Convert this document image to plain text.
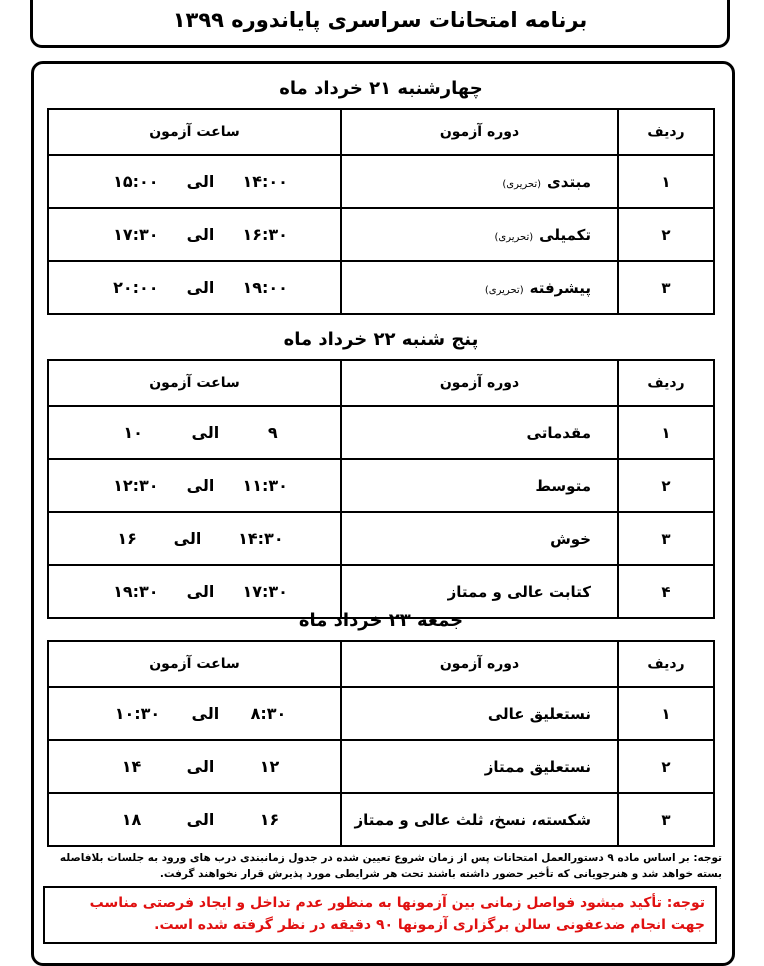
برنامه امتحانات سراسری پایاندوره ۱۳۹۹
چهارشنبه ۲۱ خرداد ماه
ردیف	دوره آزمون	ساعت آزمون
۱	مبتدی(تحریری)	۱۵:۰۰ الی ۱۴:۰۰

۲	تکمیلی(تحریری)	۱۷:۳۰ الی ۱۶:۳۰

۳	پیشرفته(تحریری)	۲۰:۰۰ الی ۱۹:۰۰
پنج شنبه ۲۲ خرداد ماه
ردیف	دوره آزمون	ساعت آزمون
۱	مقدماتی	۱۰ الی ۹

۲	متوسط	۱۲:۳۰ الی ۱۱:۳۰

۳	خوش	۱۶ الی ۱۴:۳۰

۴	کتابت عالی و ممتاز	۱۹:۳۰ الی ۱۷:۳۰
جمعه ۲۳ خرداد ماه
ردیف	دوره آزمون	ساعت آزمون
۱	نستعلیق عالی	۱۰:۳۰ الی ۸:۳۰

۲	نستعلیق ممتاز	۱۴ الی ۱۲

۳	شکسته، نسخ، ثلث عالی و ممتاز	۱۸ الی ۱۶
توجه: بر اساس ماده ۹ دستورالعمل امتحانات پس از زمان شروع تعیین شده در جدول زمانبندی درب های ورود به جلسات بلافاصله بسته خواهد شد و هنرجویانی که تأخیر حضور داشته باشند تحت هر شرایطی مورد پذیرش قرار نخواهند گرفت.
توجه: تأکید میشود فواصل زمانی بین آزمونها به منظور عدم تداخل و ایجاد فرصتی مناسب جهت انجام ضدعفونی سالن برگزاری آزمونها ۹۰ دقیقه در نظر گرفته شده است.
